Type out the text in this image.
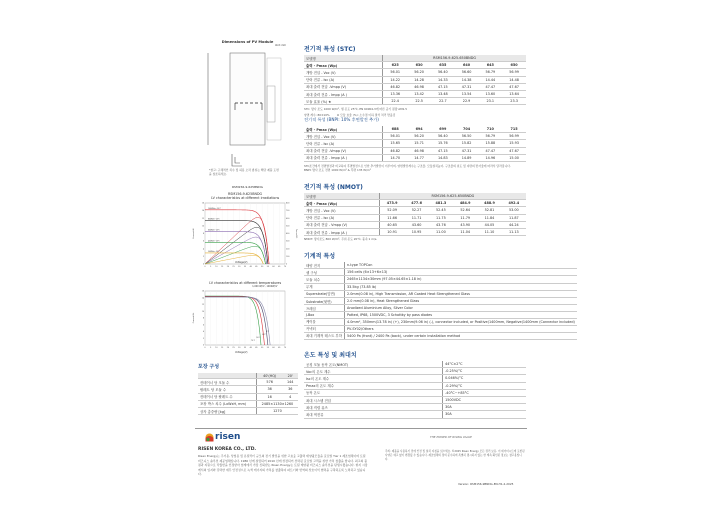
Dimensions of PV Module
Unit: mm
*참고: 구체적인 치수 및 허용 오차 범위는 해당 제품 도면을 참조하세요.
RSM156-9-625BNDG
RSM156-9-625BNDG
I-V characteristics at different irradiations
0	5 10	15 20	25 30	35 40	45 50	55 60	65 70
0
2
4
6
8
10
12
14
16
Current(A)
0
100
200
300
400
500
600
700
800
Power(W)
1000W/m² 25°C
800W/m² 25°C
600W/m² 25°C
400W/m² 25°C
200W/m² 25°C
Voltage(V)
I-V characteristics at different temperatures
1,000 W/m², 1000W/m²
0	5 10	15 20	25 30	35 40	45 50	55 60	65 70
0
2
4
6
8
10
12
14
16
Current(A)
75°C
50°C
25°C
0°C
Voltage(V)
포장 구성
	40'(HQ)	20'
컨테이너 당 모듈 수	576	144
팔레트 당 모듈 수	36	36
컨테이너 당 팔레트 수	16	4
포장 박스 치수 (LxWxH, mm)	2485×1130×1260	
상자 총중량 [kg]	1270	
전기적 특성 (STC)
모델명	RSM156-9-625-650BNDG					
출력 - Pmax (Wp)	625	630	635	640	645	650
개방 전압 - Voc (V)	56.01	56.20	56.40	56.60	56.79	56.99
단락 전류 - Isc (A)	14.22	14.28	14.33	14.38	14.44	14.48
최대 출력 전압 -Vmpp (V)	46.82	46.98	47.15	47.31	47.47	47.67
최대 출력 전류 - Impp (A )	13.36	13.42	13.48	13.54	13.60	13.64
모듈 효율 (%) ★	22.4	22.5	22.7	22.9	23.1	23.3
STC: 방사 조도 1000 W/m², 셀 온도 25℃, EN 60904-3에 따른 공기 질량 AM1.5
양면 계수: 80±10%	★ 모듈 효율 (%): 소수점 이하 절삭 처리 반올림
전기적 특성 (BNPI: 10% 후면발전 추가)
출력 - Pmax (Wp)	688	694	699	704	710	715
개방 전압 - Voc (V)	56.01	56.20	56.40	56.50	56.79	56.99
단락 전류 - Isc (A)	15.65	15.71	15.76	15.82	15.88	15.93
최대 출력 전압 -Vmpp (V)	46.82	46.98	47.15	47.31	47.47	47.67
최대 출력 전류 - Impp (A )	14.70	14.77	14.83	14.89	14.96	15.00
STC조건에서 전면발전과 비교하여 후면발전으로 인한 추가발전이 이루어며, 양면발전계수는 구조물, 모듈설치높이, 구조물의 위도 및 지면의 반사율에 따라서 달라집니다.
BNPI: 방사 조도 전면 1000 W/m² & 후면 135 W/m²
전기적 특성 (NMOT)
모델명	RSM156-9-625-650BNDG					
출력 - Pmax (Wp)	473.9	477.6	481.3	484.9	488.9	492.4
개방 전압 - Voc (V)	52.09	52.27	52.45	52.64	52.81	53.00
단락 전류 - Isc (A)	11.66	11.71	11.75	11.79	11.84	11.87
최대 출력 전압 - Vmpp (V)	40.65	43.60	43.76	43.90	44.05	44.24
최대 출력 전류 - Impp (A )	10.91	10.95	11.00	11.04	11.10	11.13
NMOT: 방사조도 800 W/m², 주위 온도 20℃, 풍속 1 m/s.
기계적 특성
태양 전지	n-type TOPCon
셀 구성	156 cells (6×13+6×13)
모듈 치수	2465×1134×30mm (97.05×44.65×1.18 in)
무게	33.5kg (73.85 lb)
Superstrate(앞면)	2.0mm(0.08 in), High Transmission, AR Coated Heat Strengthened Glass
Substrate(뒷면)	2.0 mm(0.08 in), Heat Strengthened Glass
프레임	Anodized Aluminium Alloy, Silver Color
J-Box	Potted, IP68, 1500VDC, 3 Schottky by pass diodes
케이블	4.0mm², 350mm(13.78 in) (+), 230mm(9.06 in) (-), connector included, or Positive(1400mm, Negative(1400mm (Connector included)
커넥터	PV-SY02/Others
최대 기계적 테스트 부하	5400 Pa (front) / 2400 Pa (back), under certain installation method
온도 특성 및 최대치
공칭 모듈 동작 온도(NMOT)	44°C±2°C
Voc의 온도 계수	-0.25%/°C
Isc의 온도 계수	0.046%/°C
Pmax의 온도 계수	-0.29%/°C
동작 온도	-40°C~+85°C
최대 시스템 전압	1500VDC
최대 직렬 퓨즈	30A
최대 역전류	30A
risen
RISEN KOREA CO., LTD.
Risen Energy는 주거용, 상업용 및 유틸리티 규모의 전기 발전을 위한 고효율 고출력 태양광모듈을 글로벌 Tier 1 제조업체이며 토털 비즈니스 솔루션 제공업체입니다. 1986 년에 설립되어 2010 년에 상장되어 선력된 글로벌 고객을 위한 가치 창출을 합니다. 최고의 품질과 지원으로 탁월함을 인정받아 업계에서 가장 신뢰받는 Risen Energy는 토털 태양광 비즈니스 솔루션을 탄생시켰습니다. 현지 시장에서의 입지와 강력한 재무 안전성으로 녹색 에너지의 가치를 창출하여 파트너와 번역의 상호이익 협력을 구축하도록 노력하고 있습니다.
THE POWER OF RISING VALUE
주의: 제품을 사용하기 전에 안전 및 설치 지침을 읽으세요. ©2025 Risen Energy 모든 권리 보유. 이 데이터시트에 포함된 사양은 예고 없이 변경될 수 있습니다. 제조업체의 정의 준수하며 특별히 명시되지 않는 한 계속 확인된 정보는 참고용입니다.
Version: RSM156-9BNDG-EN-H1-2-2025
